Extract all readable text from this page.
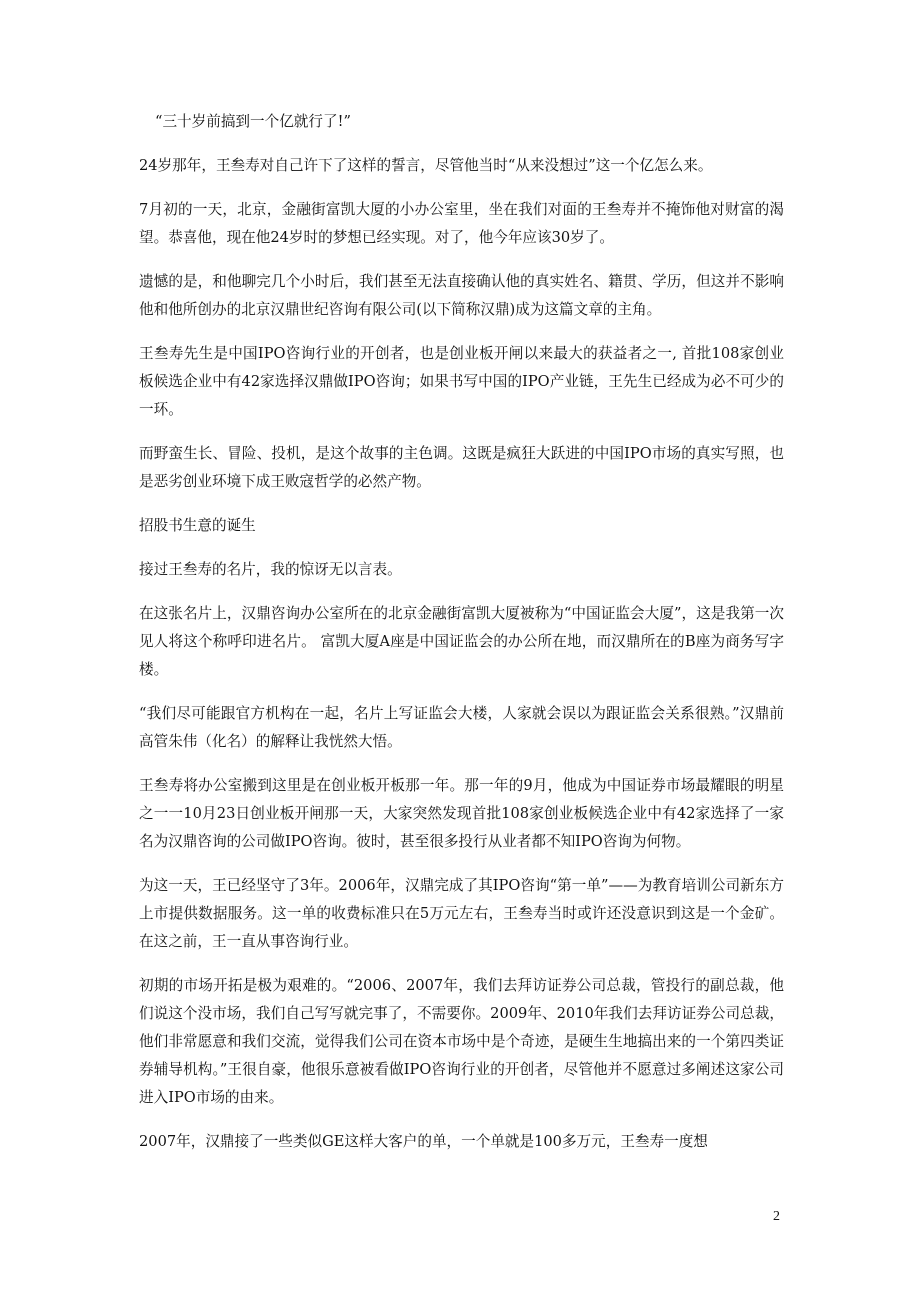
“三十岁前搞到一个亿就行了!”

24岁那年，王叁寿对自己许下了这样的誓言，尽管他当时“从来没想过”这一个亿怎么来。

7月初的一天，北京，金融街富凯大厦的小办公室里，坐在我们对面的王叁寿并不掩饰他对财富的渴望。恭喜他，现在他24岁时的梦想已经实现。对了，他今年应该30岁了。

遗憾的是，和他聊完几个小时后，我们甚至无法直接确认他的真实姓名、籍贯、学历，但这并不影响他和他所创办的北京汉鼎世纪咨询有限公司(以下简称汉鼎)成为这篇文章的主角。

王叁寿先生是中国IPO咨询行业的开创者，也是创业板开闸以来最大的获益者之一, 首批108家创业板候选企业中有42家选择汉鼎做IPO咨询；如果书写中国的IPO产业链，王先生已经成为必不可少的一环。

而野蛮生长、冒险、投机，是这个故事的主色调。这既是疯狂大跃进的中国IPO市场的真实写照，也是恶劣创业环境下成王败寇哲学的必然产物。

招股书生意的诞生

接过王叁寿的名片，我的惊讶无以言表。

在这张名片上，汉鼎咨询办公室所在的北京金融街富凯大厦被称为“中国证监会大厦”，这是我第一次见人将这个称呼印进名片。 富凯大厦A座是中国证监会的办公所在地，而汉鼎所在的B座为商务写字楼。

“我们尽可能跟官方机构在一起，名片上写证监会大楼，人家就会误以为跟证监会关系很熟。”汉鼎前高管朱伟（化名）的解释让我恍然大悟。

王叁寿将办公室搬到这里是在创业板开板那一年。那一年的9月，他成为中国证券市场最耀眼的明星之一一10月23日创业板开闸那一天，大家突然发现首批108家创业板候选企业中有42家选择了一家名为汉鼎咨询的公司做IPO咨询。彼时，甚至很多投行从业者都不知IPO咨询为何物。

为这一天，王已经坚守了3年。2006年，汉鼎完成了其IPO咨询“第一单”——为教育培训公司新东方上市提供数据服务。这一单的收费标准只在5万元左右，王叁寿当时或许还没意识到这是一个金矿。在这之前，王一直从事咨询行业。

初期的市场开拓是极为艰难的。“2006、2007年，我们去拜访证券公司总裁，管投行的副总裁，他们说这个没市场，我们自己写写就完事了，不需要你。2009年、2010年我们去拜访证券公司总裁，他们非常愿意和我们交流，觉得我们公司在资本市场中是个奇迹，是硬生生地搞出来的一个第四类证券辅导机构。”王很自豪，他很乐意被看做IPO咨询行业的开创者，尽管他并不愿意过多阐述这家公司进入IPO市场的由来。

2007年，汉鼎接了一些类似GE这样大客户的单，一个单就是100多万元，王叁寿一度想

2
